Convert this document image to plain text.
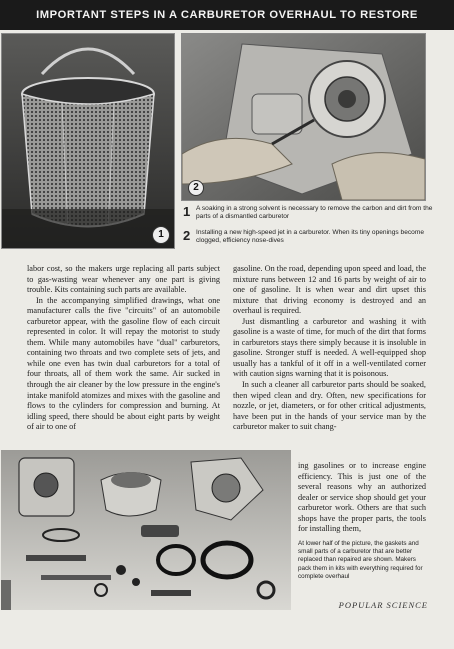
IMPORTANT STEPS IN A CARBURETOR OVERHAUL TO RESTORE
1
2
1 A soaking in a strong solvent is necessary to remove the carbon and dirt from the parts of a dismantled carburetor
2 Installing a new high-speed jet in a carburetor. When its tiny openings become clogged, efficiency nose-dives

labor cost, so the makers urge replacing all parts subject to gas-wasting wear whenever any one part is giving trouble. Kits containing such parts are available.

In the accompanying simplified drawings, what one manufacturer calls the five "circuits" of an automobile carburetor appear, with the gasoline flow of each circuit represented in color. It will repay the motorist to study them. While many automobiles have "dual" carburetors, containing two throats and two complete sets of jets, and while one even has twin dual carburetors for a total of four throats, all of them work the same. Air sucked in through the air cleaner by the low pressure in the engine's intake manifold atomizes and mixes with the gasoline and flows to the cylinders for compression and burning. At idling speed, there should be about eight parts by weight of air to one of

gasoline. On the road, depending upon speed and load, the mixture runs between 12 and 16 parts by weight of air to one of gasoline. It is when wear and dirt upset this mixture that driving economy is destroyed and an overhaul is required.

Just dismantling a carburetor and washing it with gasoline is a waste of time, for much of the dirt that forms in carburetors stays there simply because it is insoluble in gasoline. Stronger stuff is needed. A well-equipped shop usually has a tankful of it off in a well-ventilated corner with caution signs warning that it is poisonous.

In such a cleaner all carburetor parts should be soaked, then wiped clean and dry. Often, new specifications for nozzle, or jet, diameters, or for other critical adjustments, have been put in the hands of your service man by the carburetor maker to suit chang-

ing gasolines or to increase engine efficiency. This is just one of the several reasons why an authorized dealer or service shop should get your carburetor work. Others are that such shops have the proper parts, the tools for installing them,

At lower half of the picture, the gaskets and small parts of a carburetor that are better replaced than repaired are shown. Makers pack them in kits with everything required for complete overhaul
POPULAR SCIENCE
